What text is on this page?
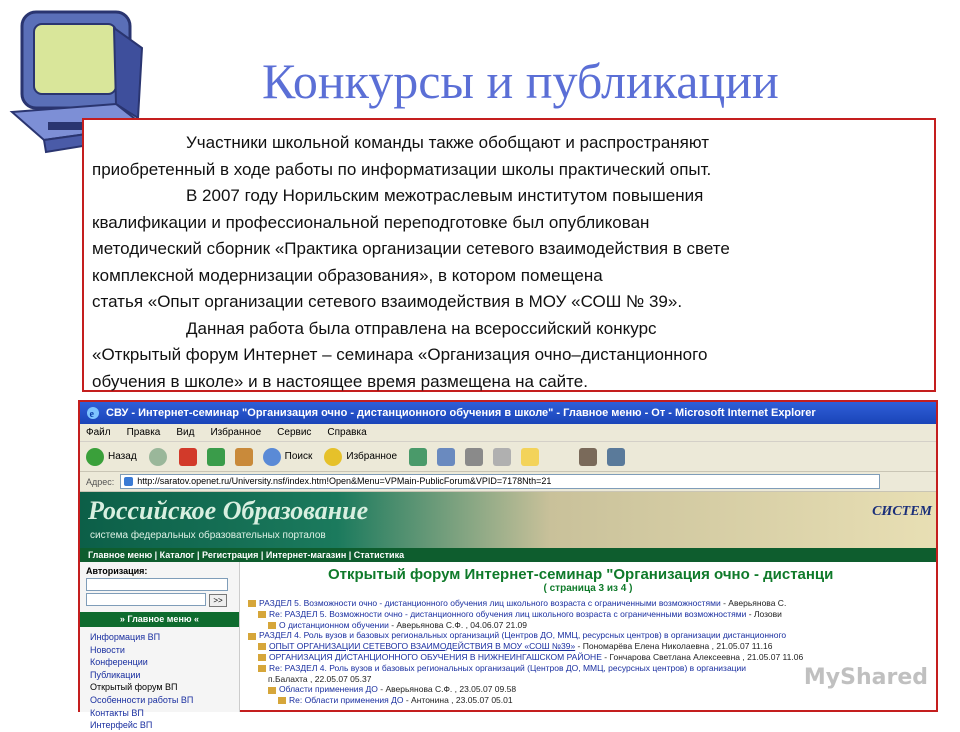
Конкурсы и публикации

Участники школьной команды также обобщают и распространяют

приобретенный в ходе работы по информатизации школы практический опыт.

В 2007 году Норильским межотраслевым институтом повышения

квалификации и профессиональной переподготовке был опубликован

методический сборник «Практика организации сетевого взаимодействия в свете

комплексной модернизации образования», в котором помещена

статья «Опыт организации сетевого взаимодействия в МОУ «СОШ № 39».

Данная работа была отправлена на всероссийский конкурс

«Открытый форум Интернет – семинара «Организация очно–дистанционного

обучения в школе» и в настоящее время размещена на сайте.

e СВУ - Интернет-семинар "Организация очно - дистанционного обучения в школе" - Главное меню - От - Microsoft Internet Explorer
Файл Правка Вид Избранное Сервис Справка
Назад	Поиск	Избранное
Адрес:	http://saratov.openet.ru/University.nsf/index.htm!Open&Menu=VPMain-PublicForum&VPID=7178Nth=21
Российское Образование
система федеральных образовательных порталов
СИСТЕМ
Главное меню | Каталог | Регистрация | Интернет-магазин | Статистика
Авторизация:
>>
» Главное меню «
Информация ВП
Новости
Конференции
Публикации
Открытый форум ВП
Особенности работы ВП
Контакты ВП
Интерфейс ВП
Открытый форум Интернет-семинар "Организация очно - дистанци
( страница 3 из 4 )
РАЗДЕЛ 5. Возможности очно - дистанционного обучения лиц школьного возраста с ограниченными возможностями - Аверьянова С.
Re: РАЗДЕЛ 5. Возможности очно - дистанционного обучения лиц школьного возраста с ограниченными возможностями - Лозови
О дистанционном обучении - Аверьянова С.Ф. , 04.06.07 21.09
РАЗДЕЛ 4. Роль вузов и базовых региональных организаций (Центров ДО, ММЦ, ресурсных центров) в организации дистанционного
ОПЫТ ОРГАНИЗАЦИИ СЕТЕВОГО ВЗАИМОДЕЙСТВИЯ В МОУ «СОШ №39» - Пономарёва Елена Николаевна , 21.05.07 11.16
ОРГАНИЗАЦИЯ ДИСТАНЦИОННОГО ОБУЧЕНИЯ В НИЖНЕИНГАШСКОМ РАЙОНЕ - Гончарова Светлана Алексеевна , 21.05.07 11.06
Re: РАЗДЕЛ 4. Роль вузов и базовых региональных организаций (Центров ДО, ММЦ, ресурсных центров) в организации
п.Балахта , 22.05.07 05.37
Области применения ДО - Аверьянова С.Ф. , 23.05.07 09.58
Re: Области применения ДО - Антонина , 23.05.07 05.01
MyShared
